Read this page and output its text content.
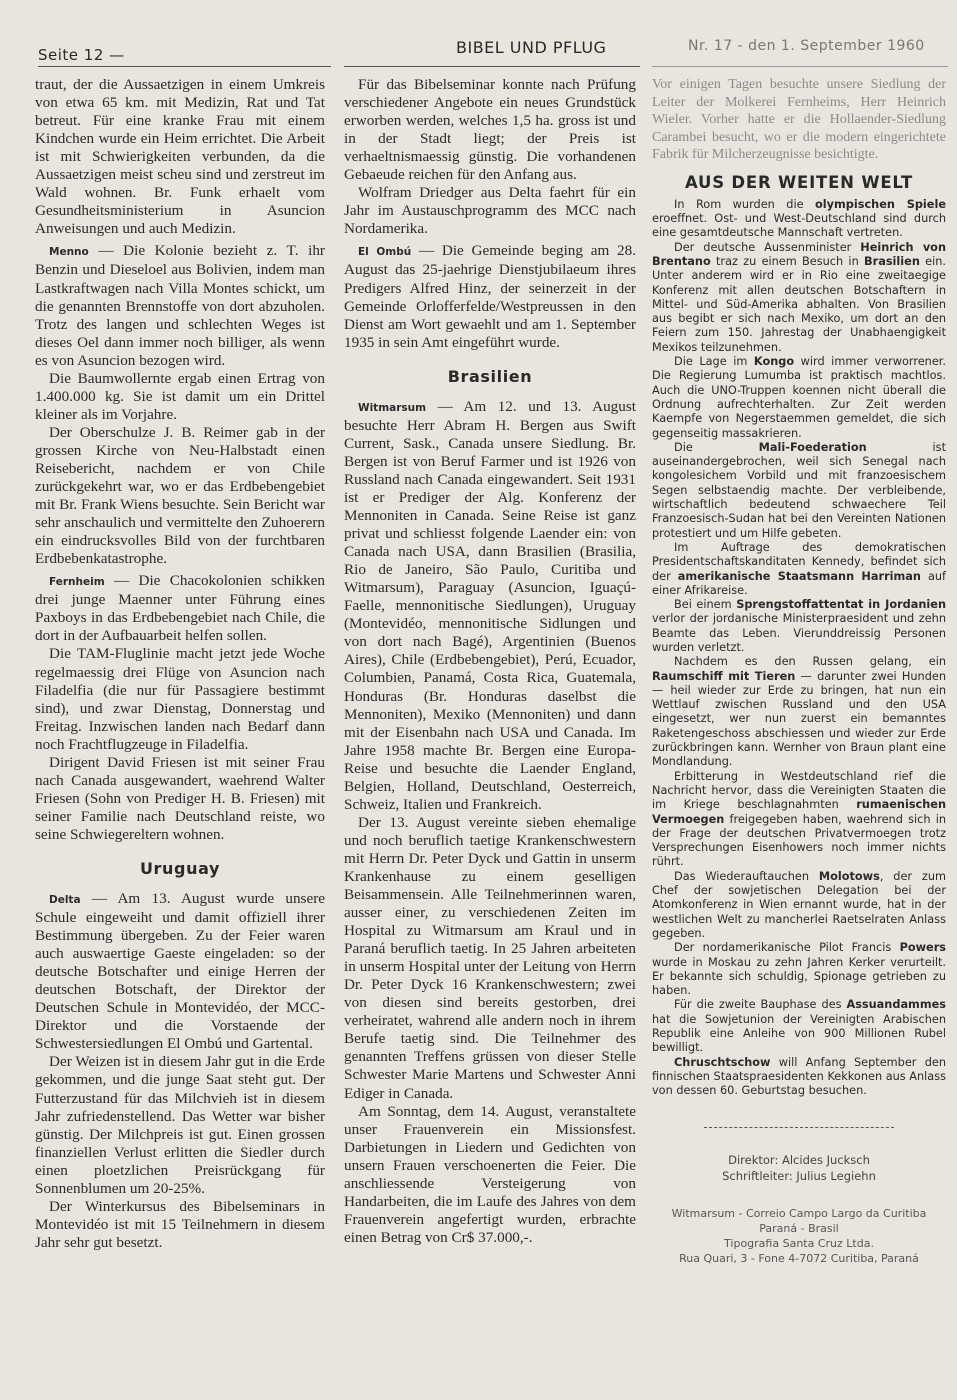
Seite 12 —	BIBEL UND PFLUG	Nr. 17 - den 1. September 1960

traut, der die Aussaetzigen in einem Umkreis von etwa 65 km. mit Medizin, Rat und Tat betreut. Für eine kranke Frau mit einem Kindchen wurde ein Heim errichtet. Die Arbeit ist mit Schwierigkeiten verbunden, da die Aussaetzigen meist scheu sind und zerstreut im Wald wohnen. Br. Funk erhaelt vom Gesundheitsministerium in Asuncion Anweisungen und auch Medizin.

Menno — Die Kolonie bezieht z. T. ihr Benzin und Dieseloel aus Bolivien, indem man Lastkraftwagen nach Villa Montes schickt, um die genannten Brennstoffe von dort abzuholen. Trotz des langen und schlechten Weges ist dieses Oel dann immer noch billiger, als wenn es von Asuncion bezogen wird.

Die Baumwollernte ergab einen Ertrag von 1.400.000 kg. Sie ist damit um ein Drittel kleiner als im Vorjahre.

Der Oberschulze J. B. Reimer gab in der grossen Kirche von Neu-Halbstadt einen Reisebericht, nachdem er von Chile zurückgekehrt war, wo er das Erdbebengebiet mit Br. Frank Wiens besuchte. Sein Bericht war sehr anschaulich und vermittelte den Zuhoerern ein eindrucksvolles Bild von der furchtbaren Erdbebenkatastrophe.

Fernheim — Die Chacokolonien schikken drei junge Maenner unter Führung eines Paxboys in das Erdbebengebiet nach Chile, die dort in der Aufbauarbeit helfen sollen.

Die TAM-Fluglinie macht jetzt jede Woche regelmaessig drei Flüge von Asuncion nach Filadelfia (die nur für Passagiere bestimmt sind), und zwar Dienstag, Donnerstag und Freitag. Inzwischen landen nach Bedarf dann noch Frachtflugzeuge in Filadelfia.

Dirigent David Friesen ist mit seiner Frau nach Canada ausgewandert, waehrend Walter Friesen (Sohn von Prediger H. B. Friesen) mit seiner Familie nach Deutschland reiste, wo seine Schwiegereltern wohnen.

Uruguay

Delta — Am 13. August wurde unsere Schule eingeweiht und damit offiziell ihrer Bestimmung übergeben. Zu der Feier waren auch auswaertige Gaeste eingeladen: so der deutsche Botschafter und einige Herren der deutschen Botschaft, der Direktor der Deutschen Schule in Montevidéo, der MCC-Direktor und die Vorstaende der Schwestersiedlungen El Ombú und Gartental.

Der Weizen ist in diesem Jahr gut in die Erde gekommen, und die junge Saat steht gut. Der Futterzustand für das Milchvieh ist in diesem Jahr zufriedenstellend. Das Wetter war bisher günstig. Der Milchpreis ist gut. Einen grossen finanziellen Verlust erlitten die Siedler durch einen ploetzlichen Preisrückgang für Sonnenblumen um 20-25%.

Der Winterkursus des Bibelseminars in Montevidéo ist mit 15 Teilnehmern in diesem Jahr sehr gut besetzt.

Für das Bibelseminar konnte nach Prüfung verschiedener Angebote ein neues Grundstück erworben werden, welches 1,5 ha. gross ist und in der Stadt liegt; der Preis ist verhaeltnismaessig günstig. Die vorhandenen Gebaeude reichen für den Anfang aus.

Wolfram Driedger aus Delta faehrt für ein Jahr im Austauschprogramm des MCC nach Nordamerika.

El Ombú — Die Gemeinde beging am 28. August das 25-jaehrige Dienstjubilaeum ihres Predigers Alfred Hinz, der seinerzeit in der Gemeinde Orlofferfelde/Westpreussen in den Dienst am Wort gewaehlt und am 1. September 1935 in sein Amt eingeführt wurde.

Brasilien

Witmarsum — Am 12. und 13. August besuchte Herr Abram H. Bergen aus Swift Current, Sask., Canada unsere Siedlung. Br. Bergen ist von Beruf Farmer und ist 1926 von Russland nach Canada eingewandert. Seit 1931 ist er Prediger der Alg. Konferenz der Mennoniten in Canada. Seine Reise ist ganz privat und schliesst folgende Laender ein: von Canada nach USA, dann Brasilien (Brasilia, Rio de Janeiro, São Paulo, Curitiba und Witmarsum), Paraguay (Asuncion, Iguaçú-Faelle, mennonitische Siedlungen), Uruguay (Montevidéo, mennonitische Sidlungen und von dort nach Bagé), Argentinien (Buenos Aires), Chile (Erdbebengebiet), Perú, Ecuador, Columbien, Panamá, Costa Rica, Guatemala, Honduras (Br. Honduras daselbst die Mennoniten), Mexiko (Mennoniten) und dann mit der Eisenbahn nach USA und Canada. Im Jahre 1958 machte Br. Bergen eine Europa-Reise und besuchte die Laender England, Belgien, Holland, Deutschland, Oesterreich, Schweiz, Italien und Frankreich.

Der 13. August vereinte sieben ehemalige und noch beruflich taetige Krankenschwestern mit Herrn Dr. Peter Dyck und Gattin in unserm Krankenhause zu einem geselligen Beisammensein. Alle Teilnehmerinnen waren, ausser einer, zu verschiedenen Zeiten im Hospital zu Witmarsum am Kraul und in Paraná beruflich taetig. In 25 Jahren arbeiteten in unserm Hospital unter der Leitung von Herrn Dr. Peter Dyck 16 Krankenschwestern; zwei von diesen sind bereits gestorben, drei verheiratet, wahrend alle andern noch in ihrem Berufe taetig sind. Die Teilnehmer des genannten Treffens grüssen von dieser Stelle Schwester Marie Martens und Schwester Anni Ediger in Canada.

Am Sonntag, dem 14. August, veranstaltete unser Frauenverein ein Missionsfest. Darbietungen in Liedern und Gedichten von unsern Frauen verschoenerten die Feier. Die anschliessende Versteigerung von Handarbeiten, die im Laufe des Jahres von dem Frauenverein angefertigt wurden, erbrachte einen Betrag von Cr$ 37.000,-.

Vor einigen Tagen besuchte unsere Siedlung der Leiter der Molkerei Fernheims, Herr Heinrich Wieler. Vorher hatte er die Hollaender-Siedlung Carambei besucht, wo er die modern eingerichtete Fabrik für Milcherzeugnisse besichtigte.

AUS DER WEITEN WELT

In Rom wurden die olympischen Spiele eroeffnet. Ost- und West-Deutschland sind durch eine gesamtdeutsche Mannschaft vertreten.

Der deutsche Aussenminister Heinrich von Brentano traz zu einem Besuch in Brasilien ein. Unter anderem wird er in Rio eine zweitaegige Konferenz mit allen deutschen Botschaftern in Mittel- und Süd-Amerika abhalten. Von Brasilien aus begibt er sich nach Mexiko, um dort an den Feiern zum 150. Jahrestag der Unabhaengigkeit Mexikos teilzunehmen.

Die Lage im Kongo wird immer verworrener. Die Regierung Lumumba ist praktisch machtlos. Auch die UNO-Truppen koennen nicht überall die Ordnung aufrechterhalten. Zur Zeit werden Kaempfe von Negerstaemmen gemeldet, die sich gegenseitig massakrieren.

Die Mali-Foederation ist auseinandergebrochen, weil sich Senegal nach kongolesichem Vorbild und mit franzoesischem Segen selbstaendig machte. Der verbleibende, wirtschaftlich bedeutend schwaechere Teil Franzoesisch-Sudan hat bei den Vereinten Nationen protestiert und um Hilfe gebeten.

Im Auftrage des demokratischen Presidentschaftskanditaten Kennedy, befindet sich der amerikanische Staatsmann Harriman auf einer Afrikareise.

Bei einem Sprengstoffattentat in Jordanien verlor der jordanische Ministerpraesident und zehn Beamte das Leben. Vierunddreissig Personen wurden verletzt.

Nachdem es den Russen gelang, ein Raumschiff mit Tieren — darunter zwei Hunden — heil wieder zur Erde zu bringen, hat nun ein Wettlauf zwischen Russland und den USA eingesetzt, wer nun zuerst ein bemanntes Raketengeschoss abschiessen und wieder zur Erde zurückbringen kann. Wernher von Braun plant eine Mondlandung.

Erbitterung in Westdeutschland rief die Nachricht hervor, dass die Vereinigten Staaten die im Kriege beschlagnahmten rumaenischen Vermoegen freigegeben haben, waehrend sich in der Frage der deutschen Privatvermoegen trotz Versprechungen Eisenhowers noch immer nichts rührt.

Das Wiederauftauchen Molotows, der zum Chef der sowjetischen Delegation bei der Atomkonferenz in Wien ernannt wurde, hat in der westlichen Welt zu mancherlei Raetselraten Anlass gegeben.

Der nordamerikanische Pilot Francis Powers wurde in Moskau zu zehn Jahren Kerker verurteilt. Er bekannte sich schuldig, Spionage getrieben zu haben.

Für die zweite Bauphase des Assuandammes hat die Sowjetunion der Vereinigten Arabischen Republik eine Anleihe von 900 Millionen Rubel bewilligt.

Chruschtschow will Anfang September den finnischen Staatspraesidenten Kekkonen aus Anlass von dessen 60. Geburtstag besuchen.

Direktor: Alcides Jucksch
Schriftleiter: Julius Legiehn
Witmarsum - Correio Campo Largo da Curitiba
Paraná - Brasil
Tipografia Santa Cruz Ltda.
Rua Quari, 3 - Fone 4-7072 Curitiba, Paraná
